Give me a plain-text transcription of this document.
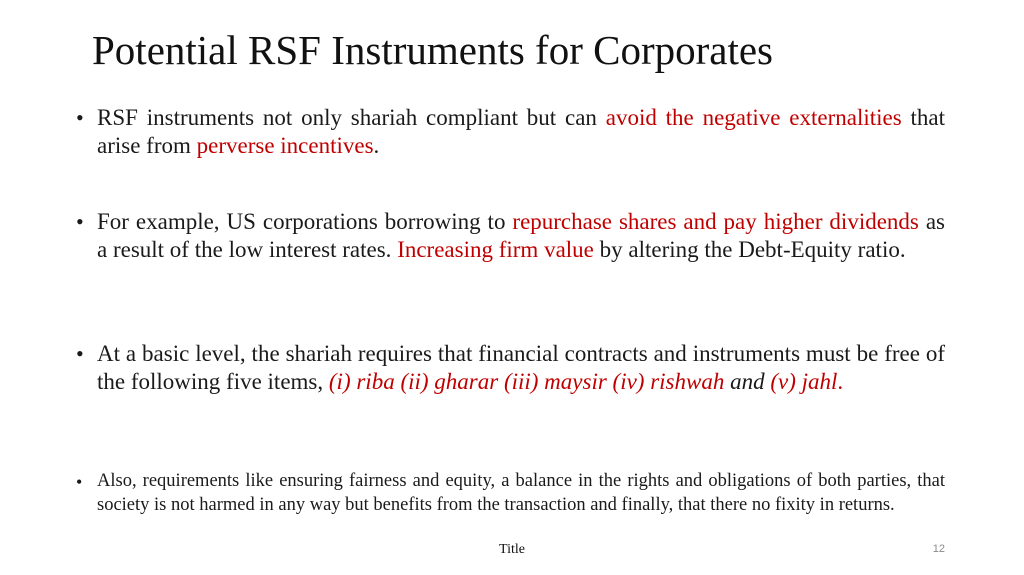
Potential RSF Instruments for Corporates
• RSF instruments not only shariah compliant but can avoid the negative externalities that arise from perverse incentives.
• For example, US corporations borrowing to repurchase shares and pay higher dividends as a result of the low interest rates. Increasing firm value by altering the Debt-Equity ratio.
• At a basic level, the shariah requires that financial contracts and instruments must be free of the following five items, (i) riba (ii) gharar (iii) maysir (iv) rishwah and (v) jahl.
• Also, requirements like ensuring fairness and equity, a balance in the rights and obligations of both parties, that society is not harmed in any way but benefits from the transaction and finally, that there no fixity in returns.
Title	12
